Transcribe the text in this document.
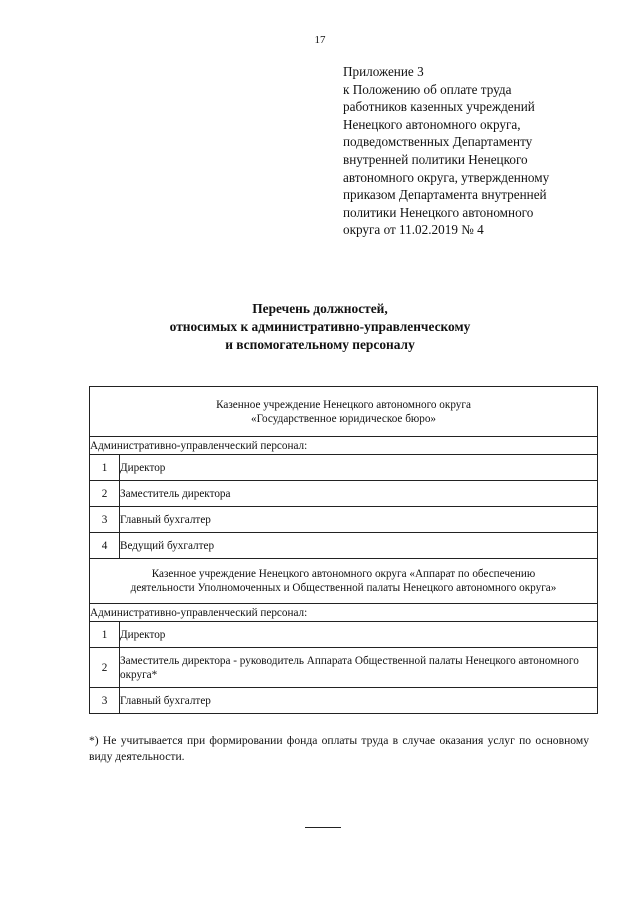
17
Приложение 3
к Положению об оплате труда
работников казенных учреждений
Ненецкого автономного округа,
подведомственных Департаменту
внутренней политики Ненецкого
автономного округа, утвержденному
приказом Департамента внутренней
политики Ненецкого автономного
округа от 11.02.2019 № 4
Перечень должностей,
относимых к административно-управленческому
и вспомогательному персоналу
Казенное учреждение Ненецкого автономного округа
«Государственное юридическое бюро»	

Административно-управленческий персонал:	
1	Директор
2	Заместитель директора
3	Главный бухгалтер
4	Ведущий бухгалтер

Казенное учреждение Ненецкого автономного округа «Аппарат по обеспечению
деятельности Уполномоченных и Общественной палаты Ненецкого автономного округа»	

Административно-управленческий персонал:	
1	Директор
2	Заместитель директора - руководитель Аппарата Общественной палаты Ненецкого автономного округа*
3	Главный бухгалтер
*) Не учитывается при формировании фонда оплаты труда в случае оказания услуг по основному виду деятельности.
